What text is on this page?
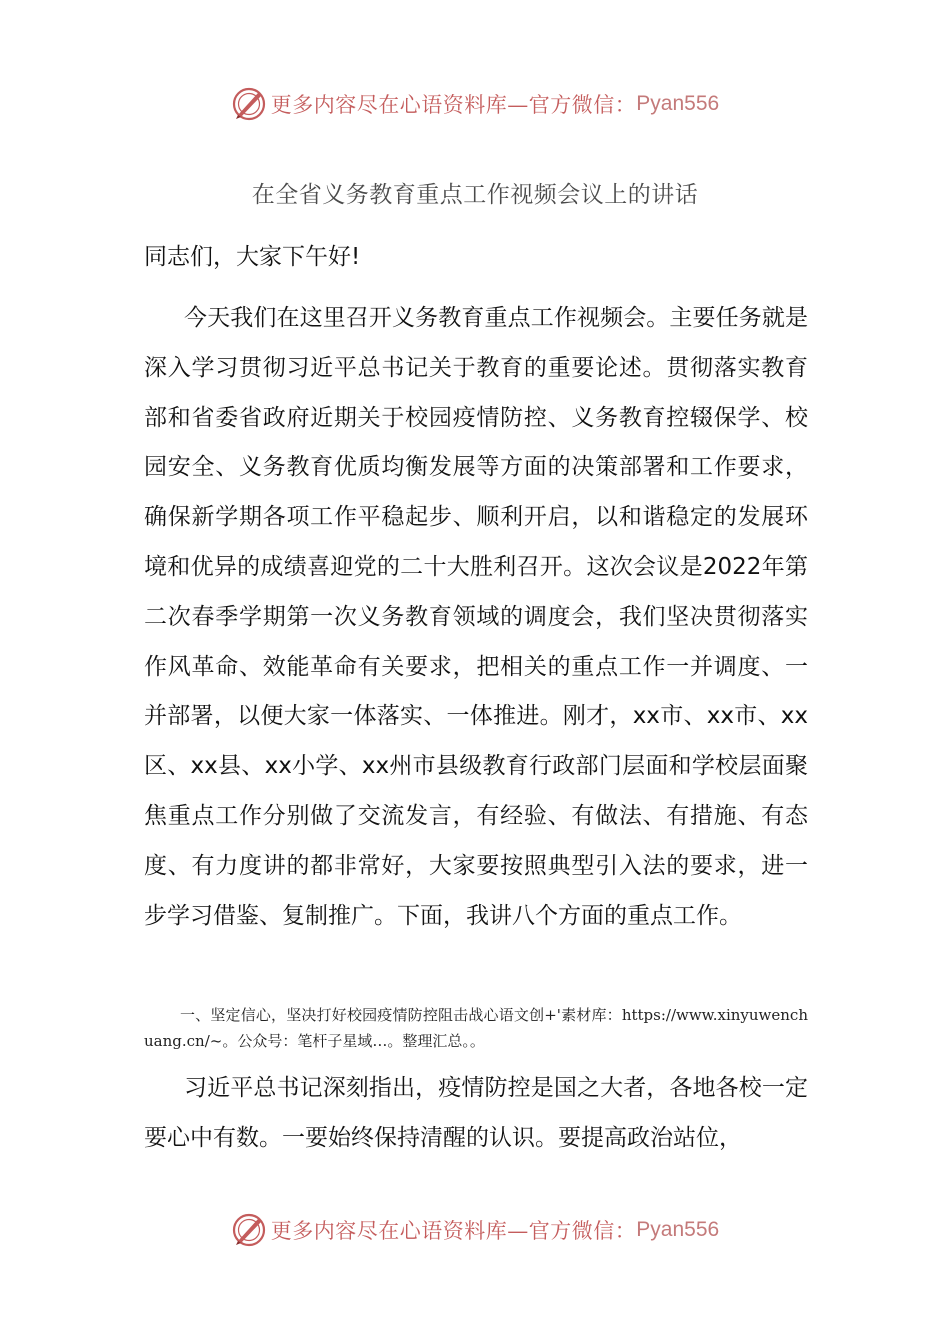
更多内容尽在心语资料库—官方微信： Pyan556
在全省义务教育重点工作视频会议上的讲话
同志们，大家下午好!

今天我们在这里召开义务教育重点工作视频会。主要任务就是深入学习贯彻习近平总书记关于教育的重要论述。贯彻落实教育部和省委省政府近期关于校园疫情防控、义务教育控辍保学、校园安全、义务教育优质均衡发展等方面的决策部署和工作要求，确保新学期各项工作平稳起步、顺利开启，以和谐稳定的发展环境和优异的成绩喜迎党的二十大胜利召开。这次会议是2022年第二次春季学期第一次义务教育领域的调度会，我们坚决贯彻落实作风革命、效能革命有关要求，把相关的重点工作一并调度、一并部署，以便大家一体落实、一体推进。刚才，xx市、xx市、xx区、xx县、xx小学、xx州市县级教育行政部门层面和学校层面聚焦重点工作分别做了交流发言，有经验、有做法、有措施、有态度、有力度讲的都非常好，大家要按照典型引入法的要求，进一步学习借鉴、复制推广。下面，我讲八个方面的重点工作。

一、坚定信心，坚决打好校园疫情防控阻击战心语文创+'素材库：https://www.xinyuwenchuang.cn/~。公众号：笔杆子星域…。整理汇总。。

习近平总书记深刻指出，疫情防控是国之大者，各地各校一定要心中有数。一要始终保持清醒的认识。要提高政治站位，

更多内容尽在心语资料库—官方微信： Pyan556
